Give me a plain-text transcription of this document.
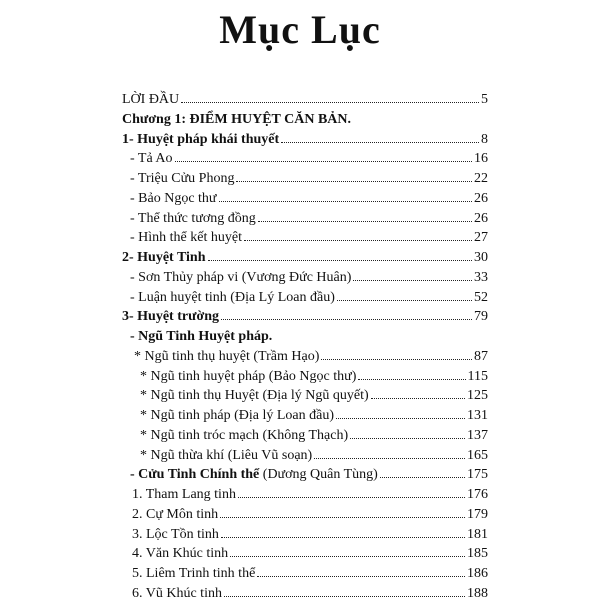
Mục Lục
LỜI ĐẦU	5
Chương 1: ĐIỂM HUYỆT CĂN BẢN.
1- Huyệt pháp khái thuyết	8
- Tả Ao	16
- Triệu Cửu Phong	22
- Bảo Ngọc thư	26
- Thể thức tương đồng	26
- Hình thể kết huyệt	27
2- Huyệt Tinh	30
- Sơn Thủy pháp vi (Vương Đức Huân)	33
- Luận huyệt tinh (Địa Lý Loan đầu)	52
3- Huyệt trường	79
- Ngũ Tinh Huyệt pháp.
* Ngũ tinh thụ huyệt (Trầm Hạo)	87
* Ngũ tinh huyệt pháp (Bảo Ngọc thư)	115
* Ngũ tinh thụ Huyệt (Địa lý Ngũ quyết)	125
* Ngũ tinh pháp (Địa lý Loan đầu)	131
* Ngũ tinh tróc mạch (Không Thạch)	137
* Ngũ thừa khí (Liêu Vũ soạn)	165
- Cửu Tinh Chính thể (Dương Quân Tùng)	175
1. Tham Lang tinh	176
2. Cự Môn tinh	179
3. Lộc Tồn tinh	181
4. Văn Khúc tinh	185
5. Liêm Trinh tinh thể	186
6. Vũ Khúc tinh	188
